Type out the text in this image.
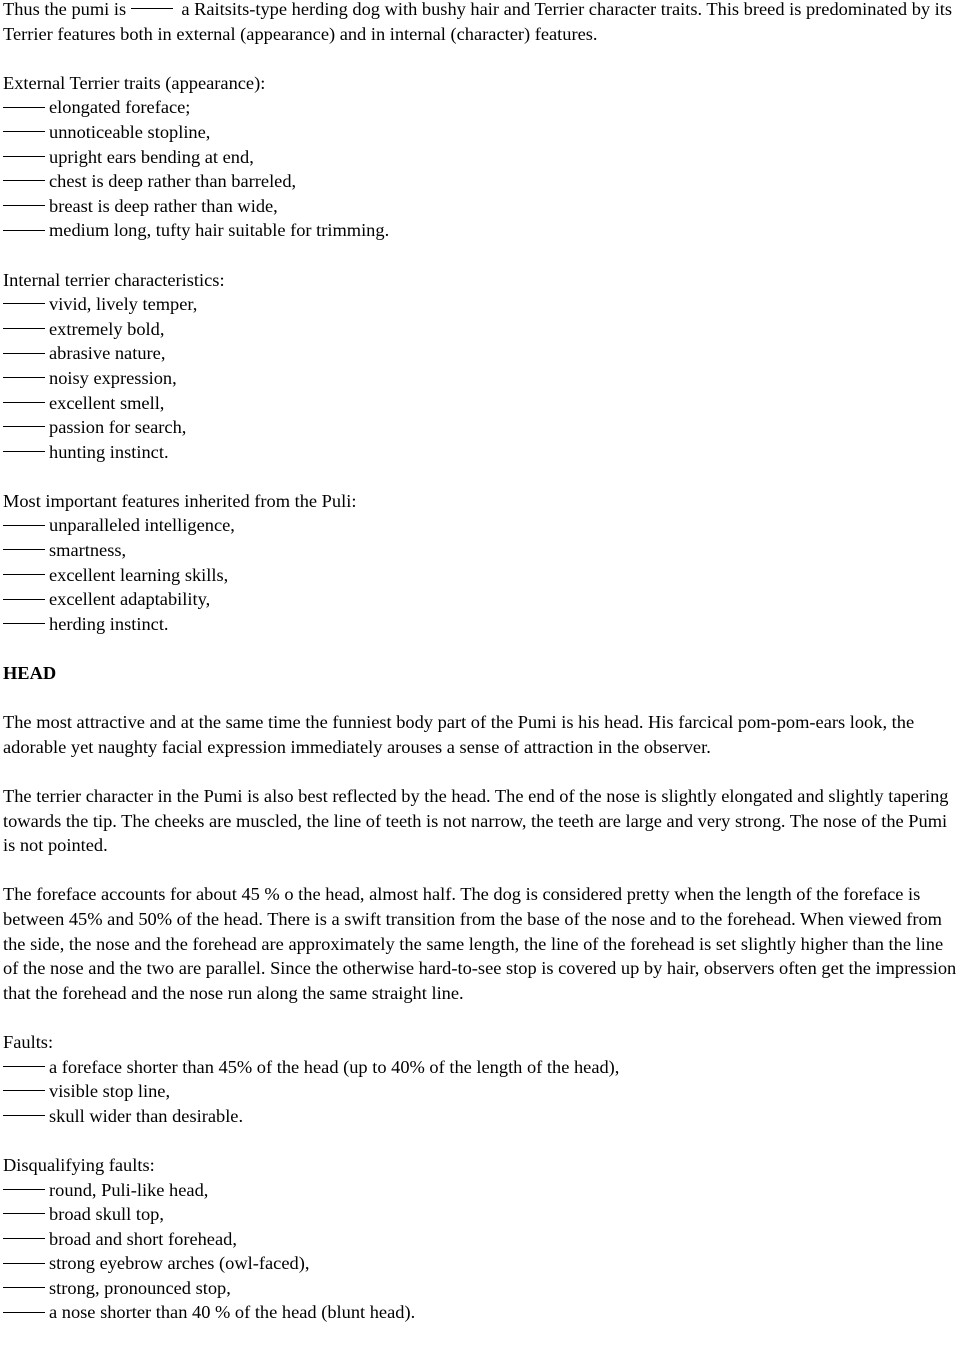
Thus the pumi is	a Raitsits-type herding dog with bushy hair and Terrier character traits. This breed is predominated by its Terrier features both in external (appearance) and in internal (character) features.

External Terrier traits (appearance):
elongated foreface;
unnoticeable stopline,
upright ears bending at end,
chest is deep rather than barreled,
breast is deep rather than wide,
medium long, tufty hair suitable for trimming.
Internal terrier characteristics:
vivid, lively temper,
extremely bold,
abrasive nature,
noisy expression,
excellent smell,
passion for search,
hunting instinct.
Most important features inherited from the Puli:
unparalleled intelligence,
smartness,
excellent learning skills,
excellent adaptability,
herding instinct.
HEAD

The most attractive and at the same time the funniest body part of the Pumi is his head. His farcical pom-pom-ears look, the adorable yet naughty facial expression immediately arouses a sense of attraction in the observer.

The terrier character in the Pumi is also best reflected by the head. The end of the nose is slightly elongated and slightly tapering towards the tip. The cheeks are muscled, the line of teeth is not narrow, the teeth are large and very strong. The nose of the Pumi is not pointed.

The foreface accounts for about 45 % o the head, almost half. The dog is considered pretty when the length of the foreface is between 45% and 50% of the head. There is a swift transition from the base of the nose and to the forehead. When viewed from the side, the nose and the forehead are approximately the same length, the line of the forehead is set slightly higher than the line of the nose and the two are parallel. Since the otherwise hard-to-see stop is covered up by hair, observers often get the impression that the forehead and the nose run along the same straight line.

Faults:
a foreface shorter than 45% of the head (up to 40% of the length of the head),
visible stop line,
skull wider than desirable.
Disqualifying faults:
round, Puli-like head,
broad skull top,
broad and short forehead,
strong eyebrow arches (owl-faced),
strong, pronounced stop,
a nose shorter than 40 % of the head (blunt head).
